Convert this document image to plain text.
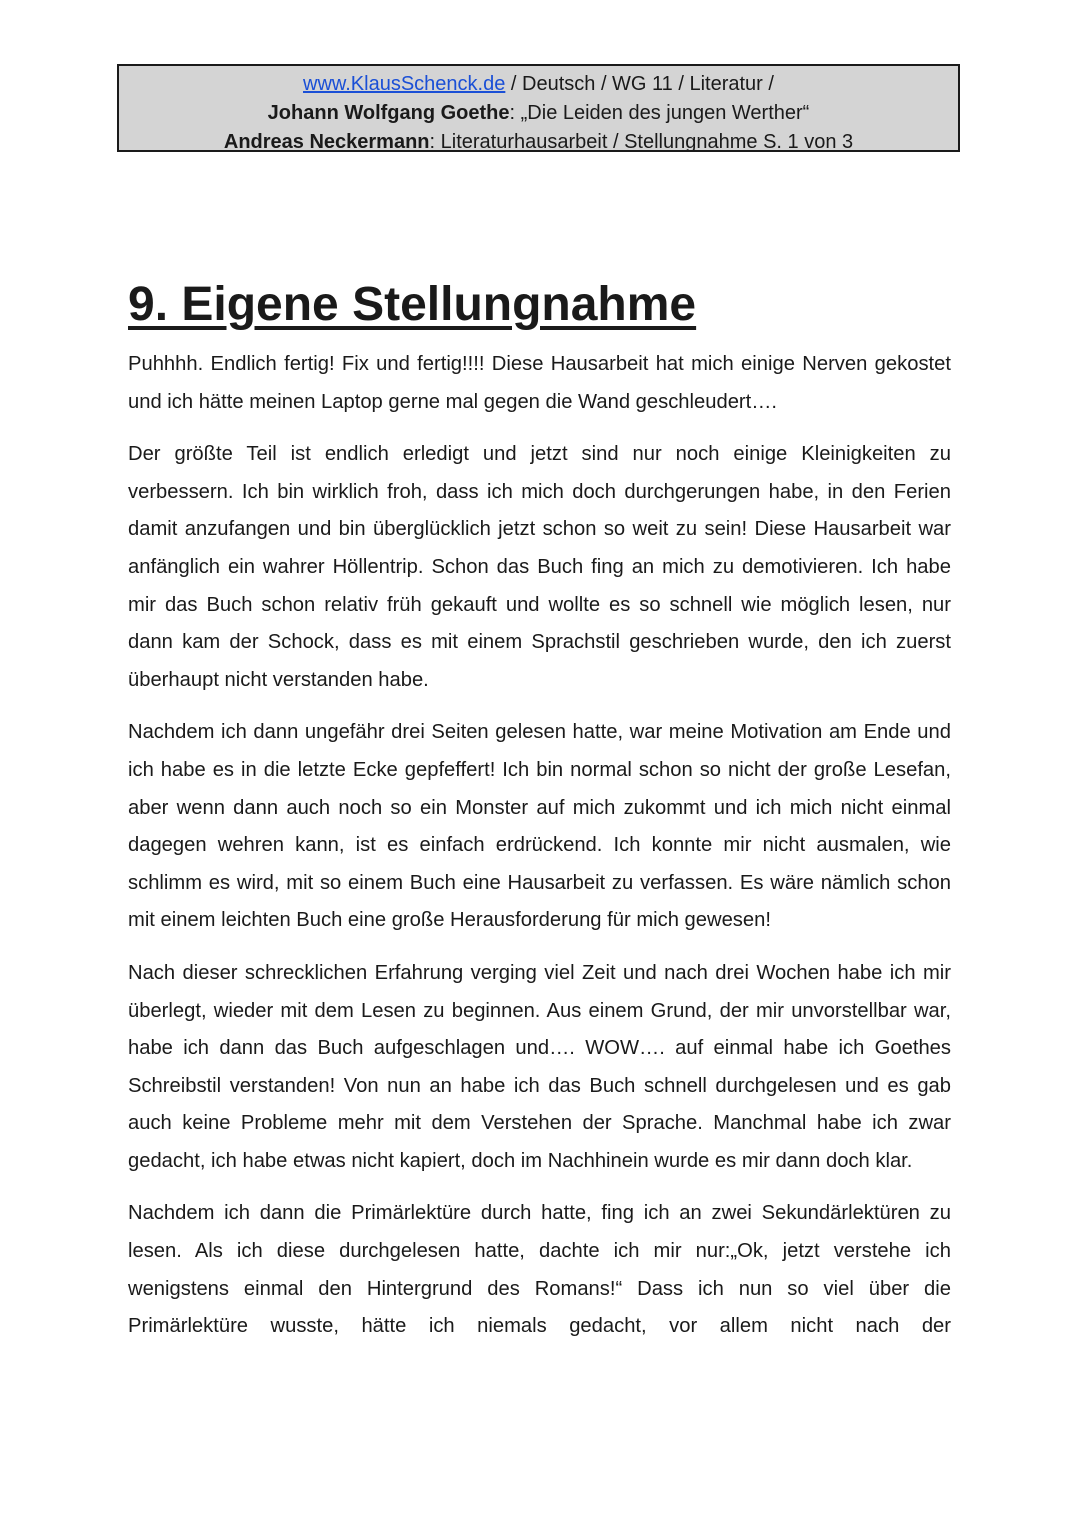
www.KlausSchenck.de / Deutsch / WG 11 / Literatur /
Johann Wolfgang Goethe: „Die Leiden des jungen Werther“
Andreas Neckermann: Literaturhausarbeit / Stellungnahme S. 1 von 3
9. Eigene Stellungnahme

Puhhhh. Endlich fertig! Fix und fertig!!!! Diese Hausarbeit hat mich einige Nerven gekostet und ich hätte meinen Laptop gerne mal gegen die Wand geschleudert….

Der größte Teil ist endlich erledigt und jetzt sind nur noch einige Kleinigkeiten zu verbessern. Ich bin wirklich froh, dass ich mich doch durchgerungen habe, in den Ferien damit anzufangen und bin überglücklich jetzt schon so weit zu sein! Diese Hausarbeit war anfänglich ein wahrer Höllentrip. Schon das Buch fing an mich zu demotivieren. Ich habe mir das Buch schon relativ früh gekauft und wollte es so schnell wie möglich lesen, nur dann kam der Schock, dass es mit einem Sprachstil geschrieben wurde, den ich zuerst überhaupt nicht verstanden habe.

Nachdem ich dann ungefähr drei Seiten gelesen hatte, war meine Motivation am Ende und ich habe es in die letzte Ecke gepfeffert! Ich bin normal schon so nicht der große Lesefan, aber wenn dann auch noch so ein Monster auf mich zukommt und ich mich nicht einmal dagegen wehren kann, ist es einfach erdrückend. Ich konnte mir nicht ausmalen, wie schlimm es wird, mit so einem Buch eine Hausarbeit zu verfassen. Es wäre nämlich schon mit einem leichten Buch eine große Herausforderung für mich gewesen!

Nach dieser schrecklichen Erfahrung verging viel Zeit und nach drei Wochen habe ich mir überlegt, wieder mit dem Lesen zu beginnen. Aus einem Grund, der mir unvorstellbar war, habe ich dann das Buch aufgeschlagen und…. WOW…. auf einmal habe ich Goethes Schreibstil verstanden! Von nun an habe ich das Buch schnell durchgelesen und es gab auch keine Probleme mehr mit dem Verstehen der Sprache. Manchmal habe ich zwar gedacht, ich habe etwas nicht kapiert, doch im Nachhinein wurde es mir dann doch klar.

Nachdem ich dann die Primärlektüre durch hatte, fing ich an zwei Sekundärlektüren zu lesen. Als ich diese durchgelesen hatte, dachte ich mir nur:„Ok, jetzt verstehe ich wenigstens einmal den Hintergrund des Romans!“ Dass ich nun so viel über die Primärlektüre wusste, hätte ich niemals gedacht, vor allem nicht nach der
